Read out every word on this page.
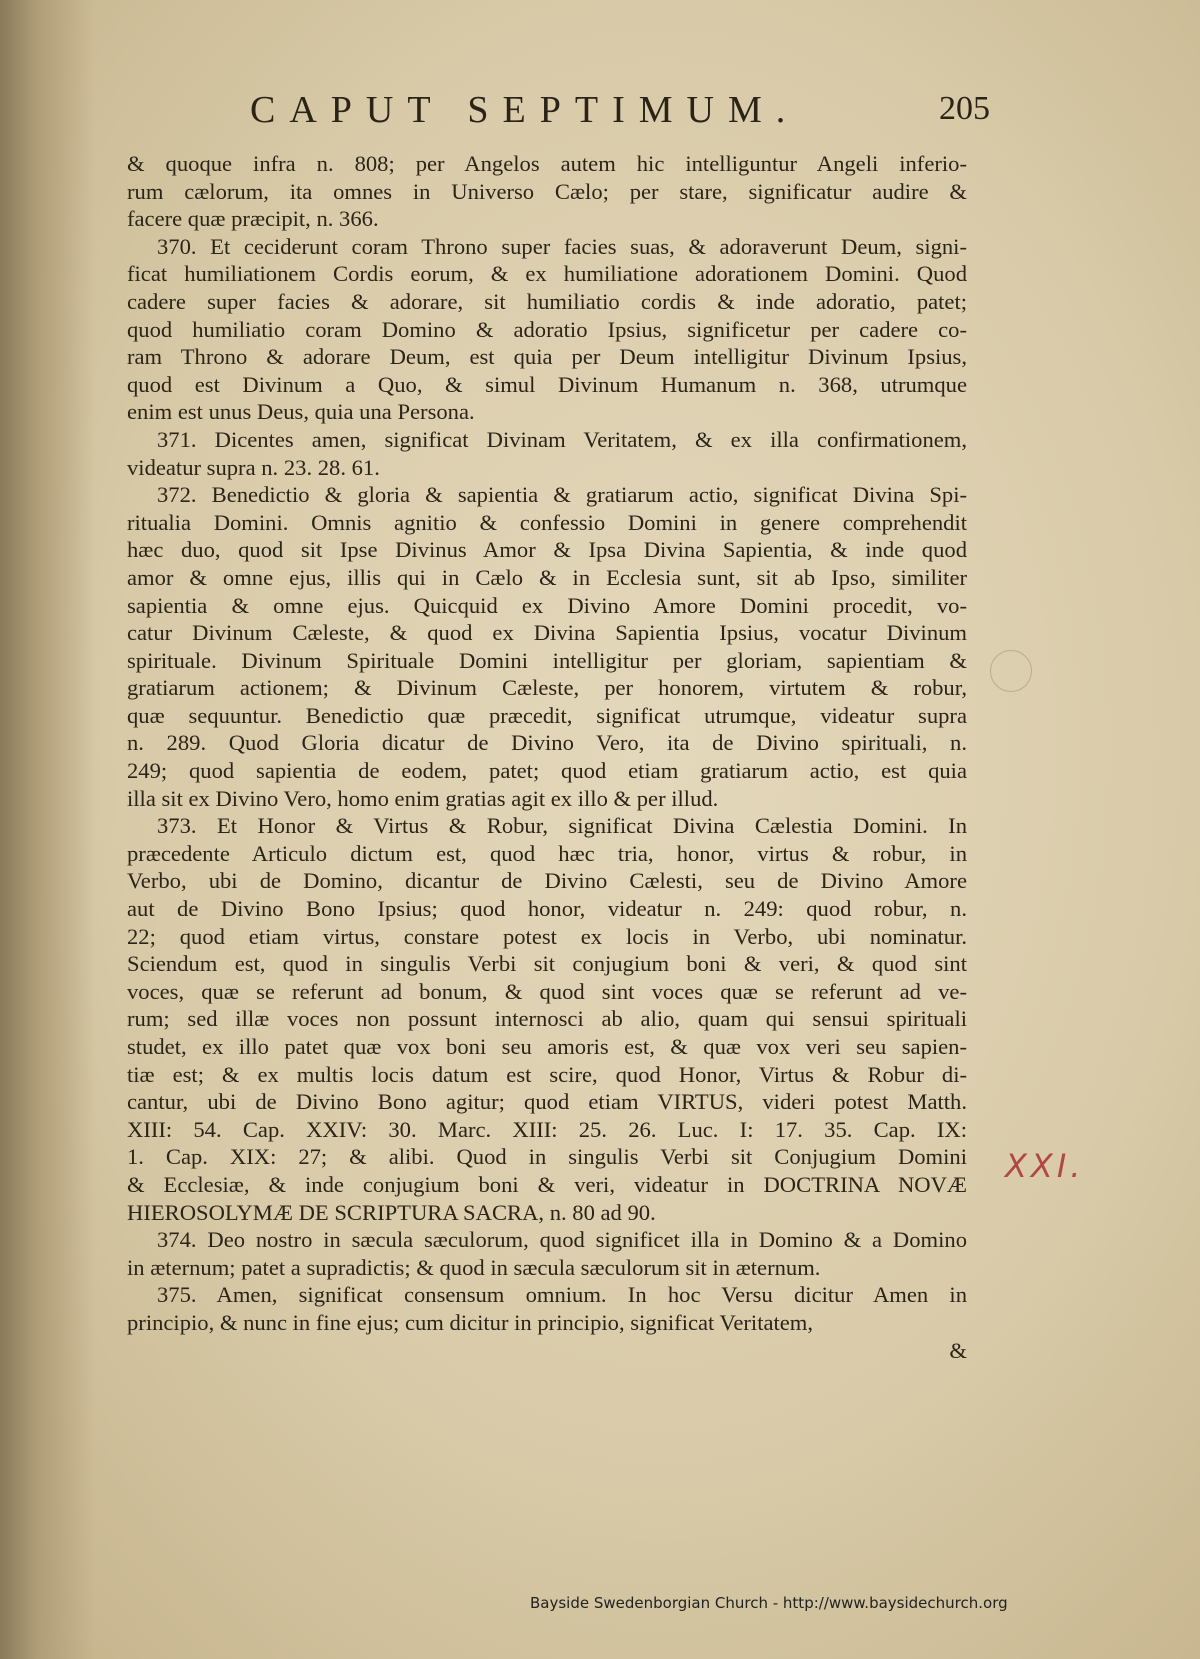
CAPUT SEPTIMUM.	205
& quoque infra n. 808; per Angelos autem hic intelliguntur Angeli inferio-
rum cælorum, ita omnes in Universo Cælo; per stare, significatur audire &
facere quæ præcipit, n. 366.
370. Et ceciderunt coram Throno super facies suas, & adoraverunt Deum, signi-
ficat humiliationem Cordis eorum, & ex humiliatione adorationem Domini. Quod
cadere super facies & adorare, sit humiliatio cordis & inde adoratio, patet;
quod humiliatio coram Domino & adoratio Ipsius, significetur per cadere co-
ram Throno & adorare Deum, est quia per Deum intelligitur Divinum Ipsius,
quod est Divinum a Quo, & simul Divinum Humanum n. 368, utrumque
enim est unus Deus, quia una Persona.
371. Dicentes amen, significat Divinam Veritatem, & ex illa confirmationem,
videatur supra n. 23. 28. 61.
372. Benedictio & gloria & sapientia & gratiarum actio, significat Divina Spi-
ritualia Domini. Omnis agnitio & confessio Domini in genere comprehendit
hæc duo, quod sit Ipse Divinus Amor & Ipsa Divina Sapientia, & inde quod
amor & omne ejus, illis qui in Cælo & in Ecclesia sunt, sit ab Ipso, similiter
sapientia & omne ejus. Quicquid ex Divino Amore Domini procedit, vo-
catur Divinum Cæleste, & quod ex Divina Sapientia Ipsius, vocatur Divinum
spirituale. Divinum Spirituale Domini intelligitur per gloriam, sapientiam &
gratiarum actionem; & Divinum Cæleste, per honorem, virtutem & robur,
quæ sequuntur. Benedictio quæ præcedit, significat utrumque, videatur supra
n. 289. Quod Gloria dicatur de Divino Vero, ita de Divino spirituali, n.
249; quod sapientia de eodem, patet; quod etiam gratiarum actio, est quia
illa sit ex Divino Vero, homo enim gratias agit ex illo & per illud.
373. Et Honor & Virtus & Robur, significat Divina Cælestia Domini. In
præcedente Articulo dictum est, quod hæc tria, honor, virtus & robur, in
Verbo, ubi de Domino, dicantur de Divino Cælesti, seu de Divino Amore
aut de Divino Bono Ipsius; quod honor, videatur n. 249: quod robur, n.
22; quod etiam virtus, constare potest ex locis in Verbo, ubi nominatur.
Sciendum est, quod in singulis Verbi sit conjugium boni & veri, & quod sint
voces, quæ se referunt ad bonum, & quod sint voces quæ se referunt ad ve-
rum; sed illæ voces non possunt internosci ab alio, quam qui sensui spirituali
studet, ex illo patet quæ vox boni seu amoris est, & quæ vox veri seu sapien-
tiæ est; & ex multis locis datum est scire, quod Honor, Virtus & Robur di-
cantur, ubi de Divino Bono agitur; quod etiam VIRTUS, videri potest Matth.
XIII: 54. Cap. XXIV: 30. Marc. XIII: 25. 26. Luc. I: 17. 35. Cap. IX:
1. Cap. XIX: 27; & alibi. Quod in singulis Verbi sit Conjugium Domini
& Ecclesiæ, & inde conjugium boni & veri, videatur in DOCTRINA NOVÆ
HIEROSOLYMÆ DE SCRIPTURA SACRA, n. 80 ad 90.
374. Deo nostro in sæcula sæculorum, quod significet illa in Domino & a Domino
in æternum; patet a supradictis; & quod in sæcula sæculorum sit in æternum.
375. Amen, significat consensum omnium. In hoc Versu dicitur Amen in
principio, & nunc in fine ejus; cum dicitur in principio, significat Veritatem,
&
XXI.
Bayside Swedenborgian Church - http://www.baysidechurch.org
